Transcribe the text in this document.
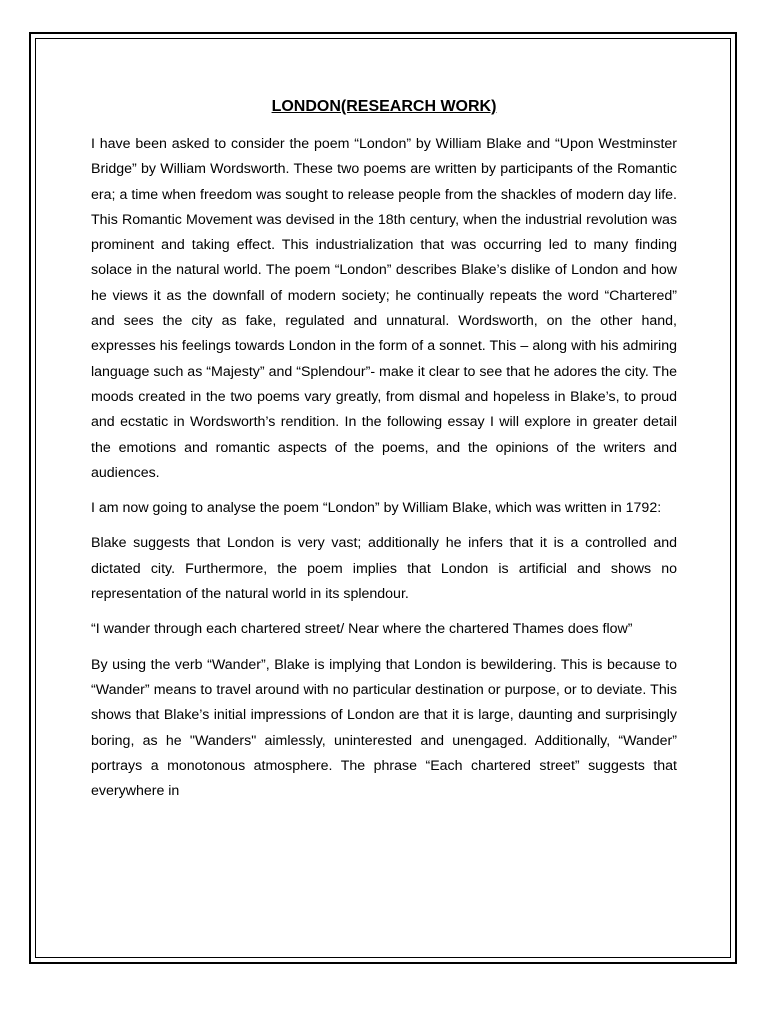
LONDON(RESEARCH WORK)

I have been asked to consider the poem “London” by William Blake and “Upon Westminster Bridge” by William Wordsworth. These two poems are written by participants of the Romantic era; a time when freedom was sought to release people from the shackles of modern day life. This Romantic Movement was devised in the 18th century, when the industrial revolution was prominent and taking effect. This industrialization that was occurring led to many finding solace in the natural world. The poem “London” describes Blake’s dislike of London and how he views it as the downfall of modern society; he continually repeats the word “Chartered” and sees the city as fake, regulated and unnatural. Wordsworth, on the other hand, expresses his feelings towards London in the form of a sonnet. This – along with his admiring language such as “Majesty” and “Splendour”- make it clear to see that he adores the city. The moods created in the two poems vary greatly, from dismal and hopeless in Blake’s, to proud and ecstatic in Wordsworth’s rendition. In the following essay I will explore in greater detail the emotions and romantic aspects of the poems, and the opinions of the writers and audiences.

I am now going to analyse the poem “London” by William Blake, which was written in 1792:

Blake suggests that London is very vast; additionally he infers that it is a controlled and dictated city. Furthermore, the poem implies that London is artificial and shows no representation of the natural world in its splendour.

“I wander through each chartered street/ Near where the chartered Thames does flow”

By using the verb “Wander”, Blake is implying that London is bewildering. This is because to “Wander” means to travel around with no particular destination or purpose, or to deviate. This shows that Blake’s initial impressions of London are that it is large, daunting and surprisingly boring, as he "Wanders" aimlessly, uninterested and unengaged. Additionally, “Wander” portrays a monotonous atmosphere. The phrase “Each chartered street” suggests that everywhere in
